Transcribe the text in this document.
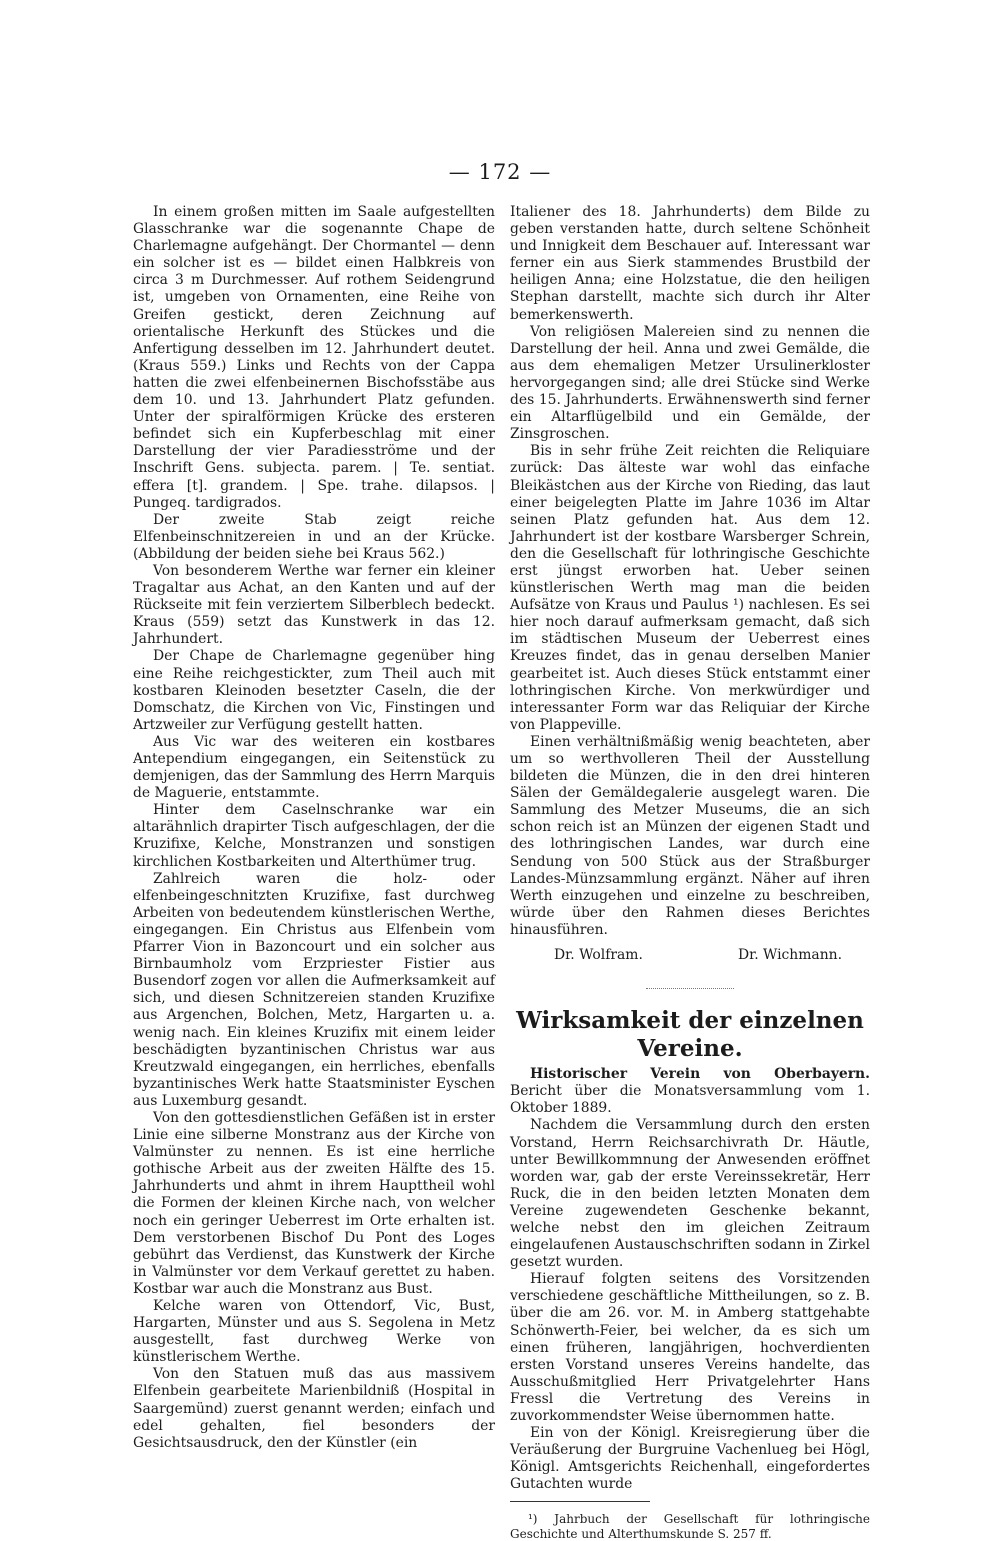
— 172 —

In einem großen mitten im Saale aufgestellten Glasschranke war die sogenannte Chape de Charlemagne aufgehängt. Der Chormantel — denn ein solcher ist es — bildet einen Halbkreis von circa 3 m Durchmesser. Auf rothem Seidengrund ist, umgeben von Ornamenten, eine Reihe von Greifen gestickt, deren Zeichnung auf orientalische Herkunft des Stückes und die Anfertigung desselben im 12. Jahrhundert deutet. (Kraus 559.) Links und Rechts von der Cappa hatten die zwei elfenbeinernen Bischofsstäbe aus dem 10. und 13. Jahrhundert Platz gefunden. Unter der spiralförmigen Krücke des ersteren befindet sich ein Kupferbeschlag mit einer Darstellung der vier Paradiesströme und der Inschrift Gens. subjecta. parem. | Te. sentiat. effera [t]. grandem. | Spe. trahe. dilapsos. | Pungeq. tardigrados.

Der zweite Stab zeigt reiche Elfenbeinschnitzereien in und an der Krücke. (Abbildung der beiden siehe bei Kraus 562.)

Von besonderem Werthe war ferner ein kleiner Tragaltar aus Achat, an den Kanten und auf der Rückseite mit fein verziertem Silberblech bedeckt. Kraus (559) setzt das Kunstwerk in das 12. Jahrhundert.

Der Chape de Charlemagne gegenüber hing eine Reihe reichgestickter, zum Theil auch mit kostbaren Kleinoden besetzter Caseln, die der Domschatz, die Kirchen von Vic, Finstingen und Artzweiler zur Verfügung gestellt hatten.

Aus Vic war des weiteren ein kostbares Antependium eingegangen, ein Seitenstück zu demjenigen, das der Sammlung des Herrn Marquis de Maguerie, entstammte.

Hinter dem Caselnschranke war ein altarähnlich drapirter Tisch aufgeschlagen, der die Kruzifixe, Kelche, Monstranzen und sonstigen kirchlichen Kostbarkeiten und Alterthümer trug.

Zahlreich waren die holz- oder elfenbeingeschnitzten Kruzifixe, fast durchweg Arbeiten von bedeutendem künstlerischen Werthe, eingegangen. Ein Christus aus Elfenbein vom Pfarrer Vion in Bazoncourt und ein solcher aus Birnbaumholz vom Erzpriester Fistier aus Busendorf zogen vor allen die Aufmerksamkeit auf sich, und diesen Schnitzereien standen Kruzifixe aus Argenchen, Bolchen, Metz, Hargarten u. a. wenig nach. Ein kleines Kruzifix mit einem leider beschädigten byzantinischen Christus war aus Kreutzwald eingegangen, ein herrliches, ebenfalls byzantinisches Werk hatte Staatsminister Eyschen aus Luxemburg gesandt.

Von den gottesdienstlichen Gefäßen ist in erster Linie eine silberne Monstranz aus der Kirche von Valmünster zu nennen. Es ist eine herrliche gothische Arbeit aus der zweiten Hälfte des 15. Jahrhunderts und ahmt in ihrem Haupttheil wohl die Formen der kleinen Kirche nach, von welcher noch ein geringer Ueberrest im Orte erhalten ist. Dem verstorbenen Bischof Du Pont des Loges gebührt das Verdienst, das Kunstwerk der Kirche in Valmünster vor dem Verkauf gerettet zu haben. Kostbar war auch die Monstranz aus Bust.

Kelche waren von Ottendorf, Vic, Bust, Hargarten, Münster und aus S. Segolena in Metz ausgestellt, fast durchweg Werke von künstlerischem Werthe.

Von den Statuen muß das aus massivem Elfenbein gearbeitete Marienbildniß (Hospital in Saargemünd) zuerst genannt werden; einfach und edel gehalten, fiel besonders der Gesichtsausdruck, den der Künstler (ein

Italiener des 18. Jahrhunderts) dem Bilde zu geben verstanden hatte, durch seltene Schönheit und Innigkeit dem Beschauer auf. Interessant war ferner ein aus Sierk stammendes Brustbild der heiligen Anna; eine Holzstatue, die den heiligen Stephan darstellt, machte sich durch ihr Alter bemerkenswerth.

Von religiösen Malereien sind zu nennen die Darstellung der heil. Anna und zwei Gemälde, die aus dem ehemaligen Metzer Ursulinerkloster hervorgegangen sind; alle drei Stücke sind Werke des 15. Jahrhunderts. Erwähnenswerth sind ferner ein Altarflügelbild und ein Gemälde, der Zinsgroschen.

Bis in sehr frühe Zeit reichten die Reliquiare zurück: Das älteste war wohl das einfache Bleikästchen aus der Kirche von Rieding, das laut einer beigelegten Platte im Jahre 1036 im Altar seinen Platz gefunden hat. Aus dem 12. Jahrhundert ist der kostbare Warsberger Schrein, den die Gesellschaft für lothringische Geschichte erst jüngst erworben hat. Ueber seinen künstlerischen Werth mag man die beiden Aufsätze von Kraus und Paulus ¹) nachlesen. Es sei hier noch darauf aufmerksam gemacht, daß sich im städtischen Museum der Ueberrest eines Kreuzes findet, das in genau derselben Manier gearbeitet ist. Auch dieses Stück entstammt einer lothringischen Kirche. Von merkwürdiger und interessanter Form war das Reliquiar der Kirche von Plappeville.

Einen verhältnißmäßig wenig beachteten, aber um so werthvolleren Theil der Ausstellung bildeten die Münzen, die in den drei hinteren Sälen der Gemäldegalerie ausgelegt waren. Die Sammlung des Metzer Museums, die an sich schon reich ist an Münzen der eigenen Stadt und des lothringischen Landes, war durch eine Sendung von 500 Stück aus der Straßburger Landes-Münzsammlung ergänzt. Näher auf ihren Werth einzugehen und einzelne zu beschreiben, würde über den Rahmen dieses Berichtes hinausführen.

Dr. Wolfram.	Dr. Wichmann.
Wirksamkeit der einzelnen Vereine.

Historischer Verein von Oberbayern. Bericht über die Monatsversammlung vom 1. Oktober 1889.

Nachdem die Versammlung durch den ersten Vorstand, Herrn Reichsarchivrath Dr. Häutle, unter Bewillkommnung der Anwesenden eröffnet worden war, gab der erste Vereinssekretär, Herr Ruck, die in den beiden letzten Monaten dem Vereine zugewendeten Geschenke bekannt, welche nebst den im gleichen Zeitraum eingelaufenen Austauschschriften sodann in Zirkel gesetzt wurden.

Hierauf folgten seitens des Vorsitzenden verschiedene geschäftliche Mittheilungen, so z. B. über die am 26. vor. M. in Amberg stattgehabte Schönwerth-Feier, bei welcher, da es sich um einen früheren, langjährigen, hochverdienten ersten Vorstand unseres Vereins handelte, das Ausschußmitglied Herr Privatgelehrter Hans Fressl die Vertretung des Vereins in zuvorkommendster Weise übernommen hatte.

Ein von der Königl. Kreisregierung über die Veräußerung der Burgruine Vachenlueg bei Högl, Königl. Amtsgerichts Reichenhall, eingefordertes Gutachten wurde

¹) Jahrbuch der Gesellschaft für lothringische Geschichte und Alterthumskunde S. 257 ff.
